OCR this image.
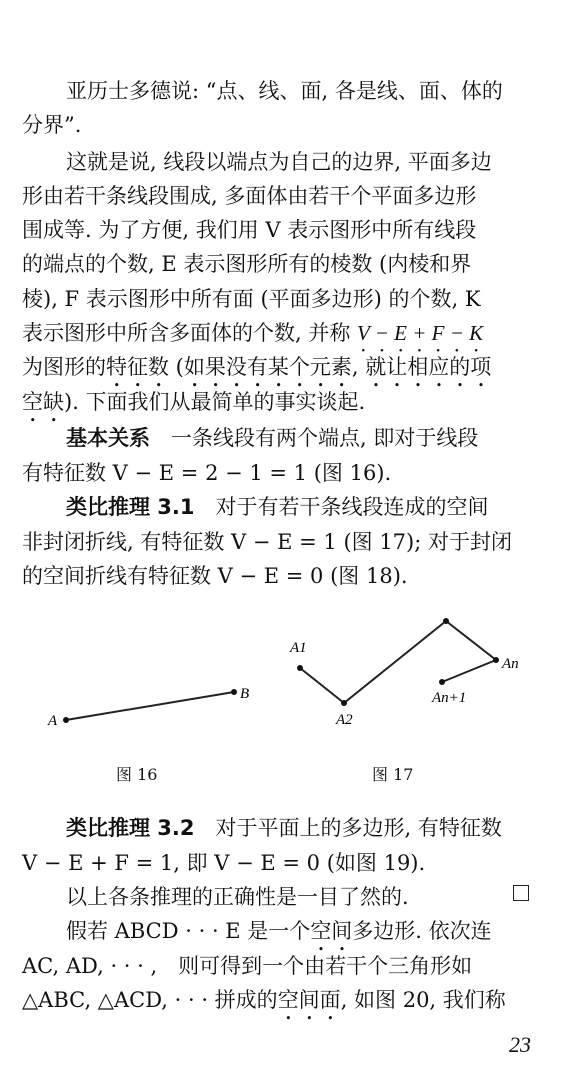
亚历士多德说: “点、线、面, 各是线、面、体的
分界”.
这就是说, 线段以端点为自己的边界, 平面多边
形由若干条线段围成, 多面体由若干个平面多边形
围成等. 为了方便, 我们用 V 表示图形中所有线段
的端点的个数, E 表示图形所有的棱数 (内棱和界
棱), F 表示图形中所有面 (平面多边形) 的个数, K
表示图形中所含多面体的个数, 并称 V − E + F − K
为图形的特征数 (如果没有某个元素, 就让相应的项
空缺). 下面我们从最简单的事实谈起.
基本关系　一条线段有两个端点, 即对于线段
有特征数 V − E = 2 − 1 = 1 (图 16).
类比推理 3.1　对于有若干条线段连成的空间
非封闭折线, 有特征数 V − E = 1 (图 17); 对于封闭
的空间折线有特征数 V − E = 0 (图 18).
A
B
A1
A2
An
An+1
图 16	图 17
类比推理 3.2　对于平面上的多边形, 有特征数
V − E + F = 1, 即 V − E = 0 (如图 19).
以上各条推理的正确性是一目了然的.
假若 ABCD · · · E 是一个空间多边形. 依次连
AC, AD, · · · ,　则可得到一个由若干个三角形如
△ABC, △ACD, · · · 拼成的空间面, 如图 20, 我们称
23
